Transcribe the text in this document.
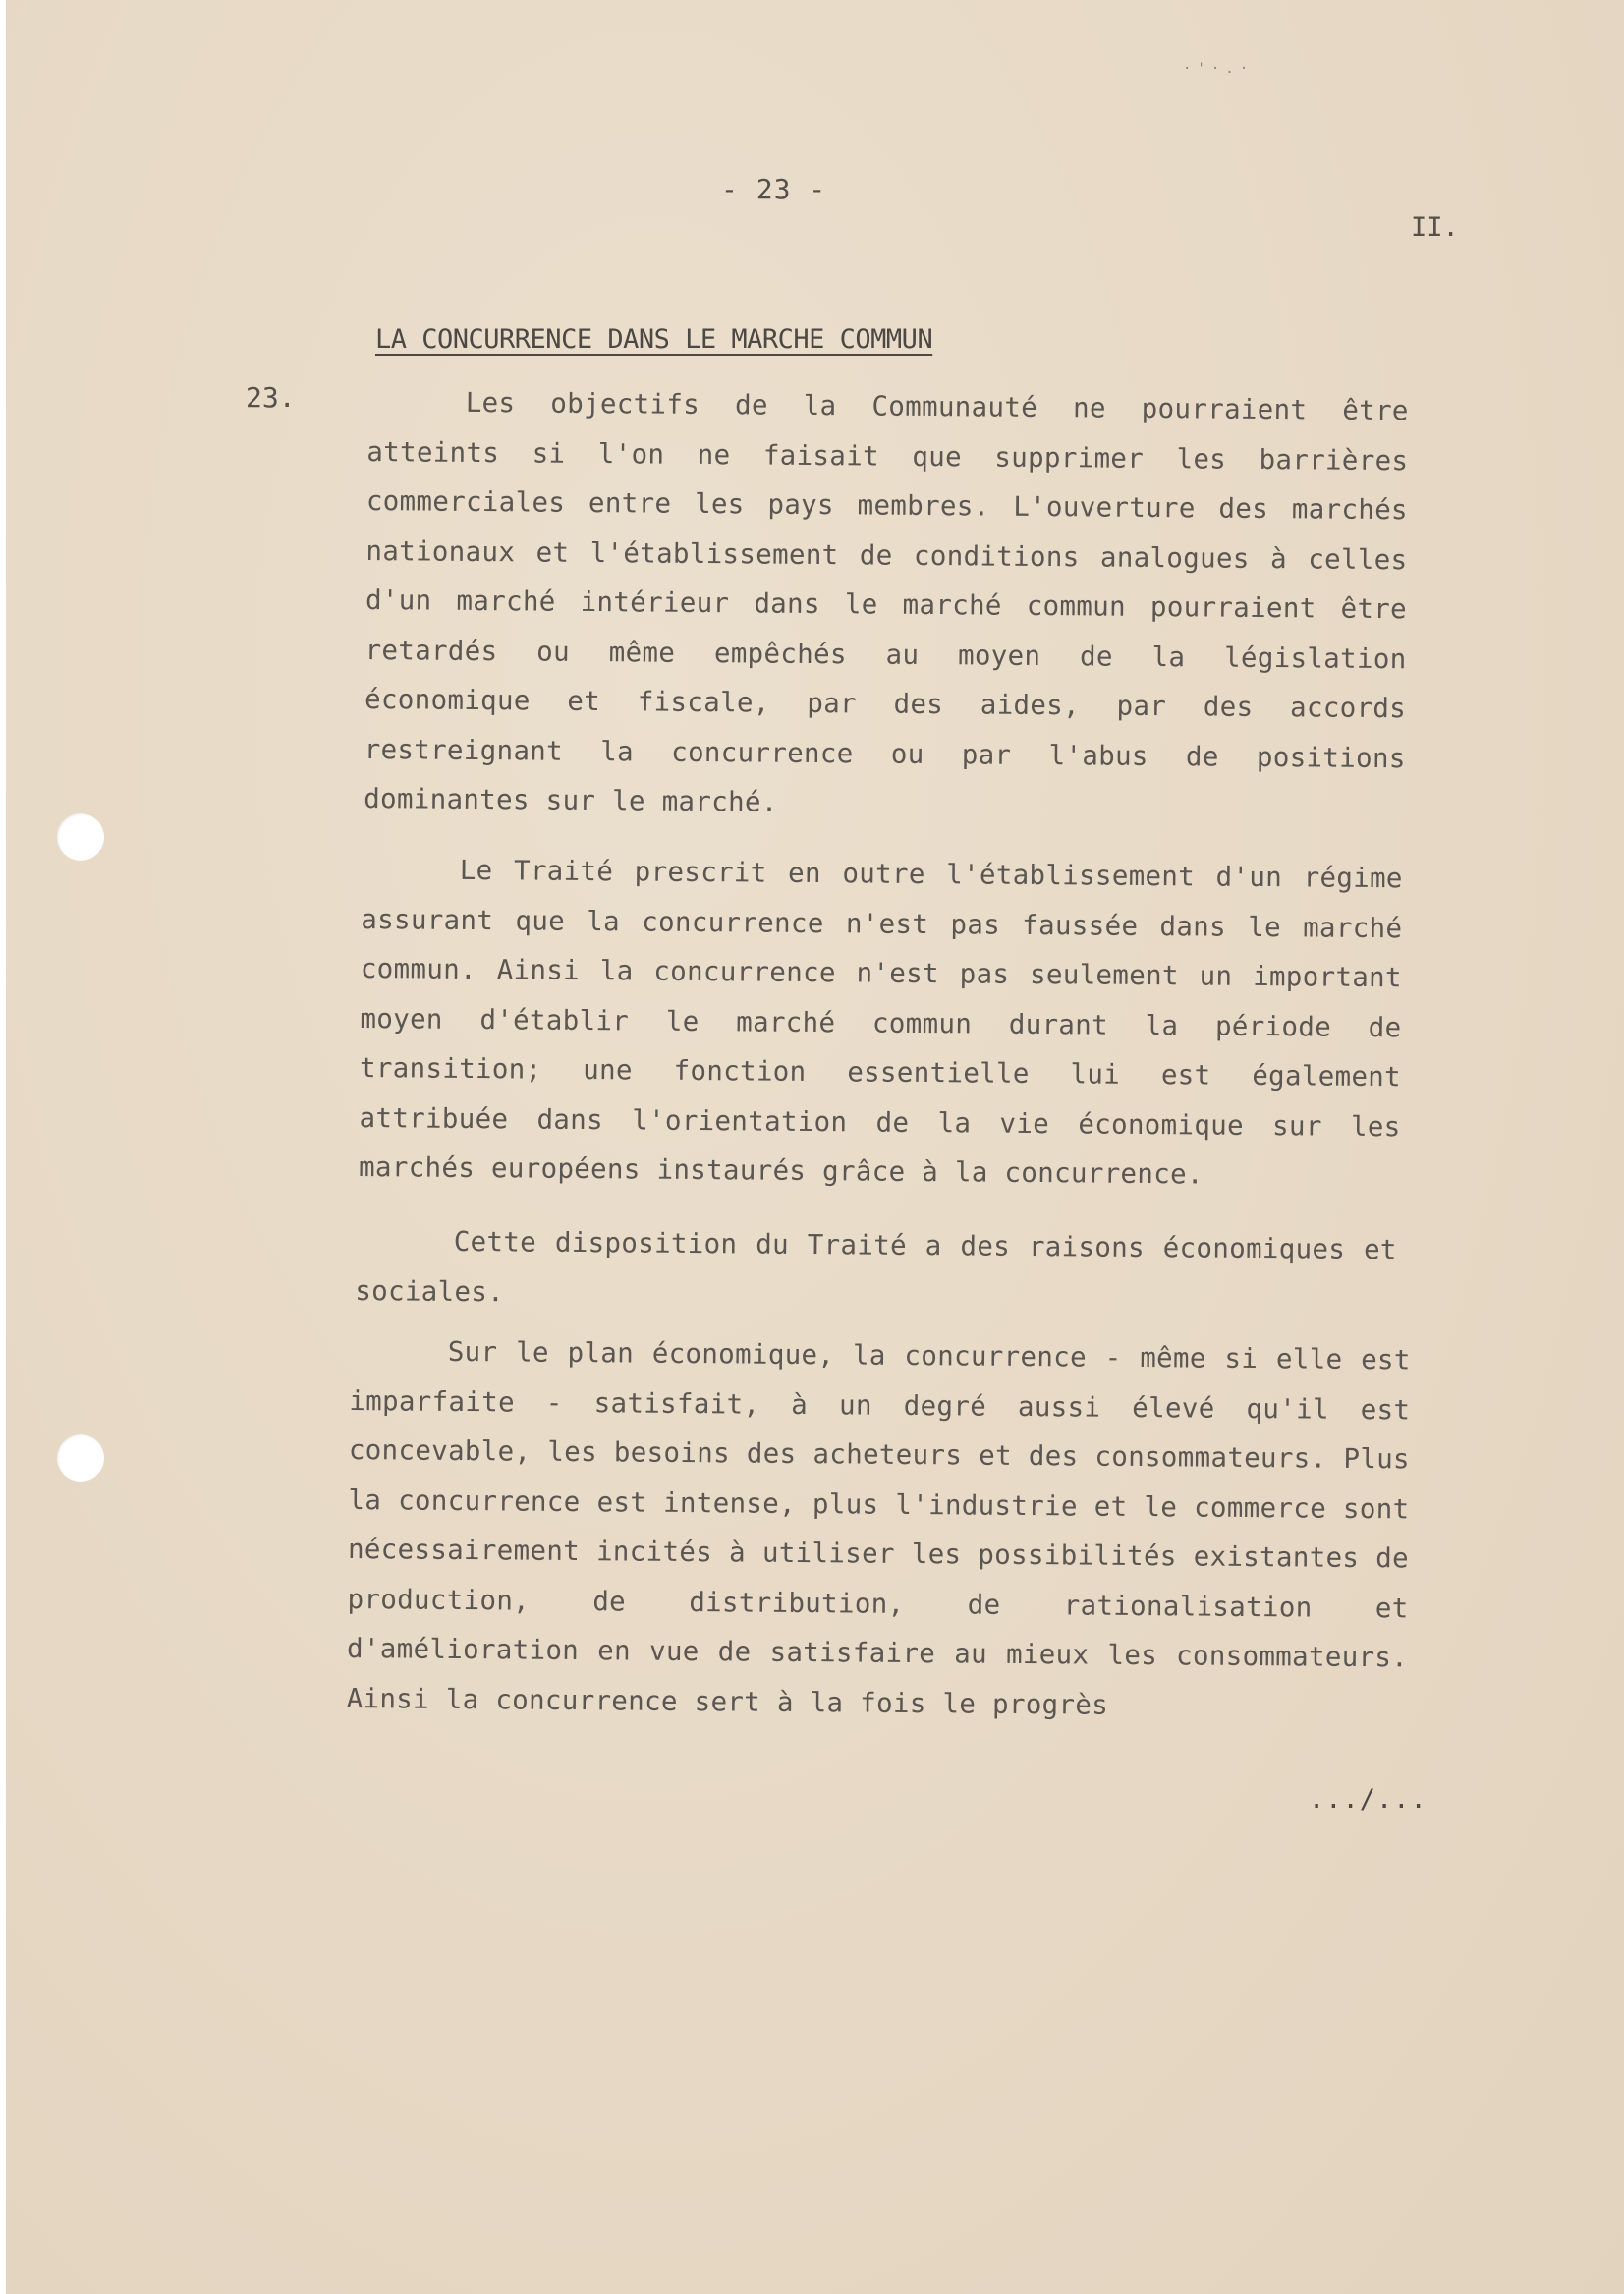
·'·.·
- 23 -
II.
LA CONCURRENCE DANS LE MARCHE COMMUN
23.	Les objectifs de la Communauté ne pourraient être atteints si l'on ne faisait que supprimer les barrières commerciales entre les pays membres. L'ouverture des marchés nationaux et l'établissement de conditions analogues à celles d'un marché intérieur dans le marché commun pourraient être retardés ou même empêchés au moyen de la législation économique et fiscale, par des aides, par des accords restreignant la concurrence ou par l'abus de positions dominantes sur le marché.

Le Traité prescrit en outre l'établissement d'un régime assurant que la concurrence n'est pas faussée dans le marché commun. Ainsi la concurrence n'est pas seulement un important moyen d'établir le marché commun durant la période de transition; une fonction essentielle lui est également attribuée dans l'orientation de la vie économique sur les marchés européens instaurés grâce à la concurrence.

Cette disposition du Traité a des raisons économiques et sociales.

Sur le plan économique, la concurrence - même si elle est imparfaite - satisfait, à un degré aussi élevé qu'il est concevable, les besoins des acheteurs et des consommateurs. Plus la concurrence est intense, plus l'industrie et le commerce sont nécessairement incités à utiliser les possibilités existantes de production, de distribution, de rationalisation et d'amélioration en vue de satisfaire au mieux les consommateurs. Ainsi la concurrence sert à la fois le progrès

.../...
